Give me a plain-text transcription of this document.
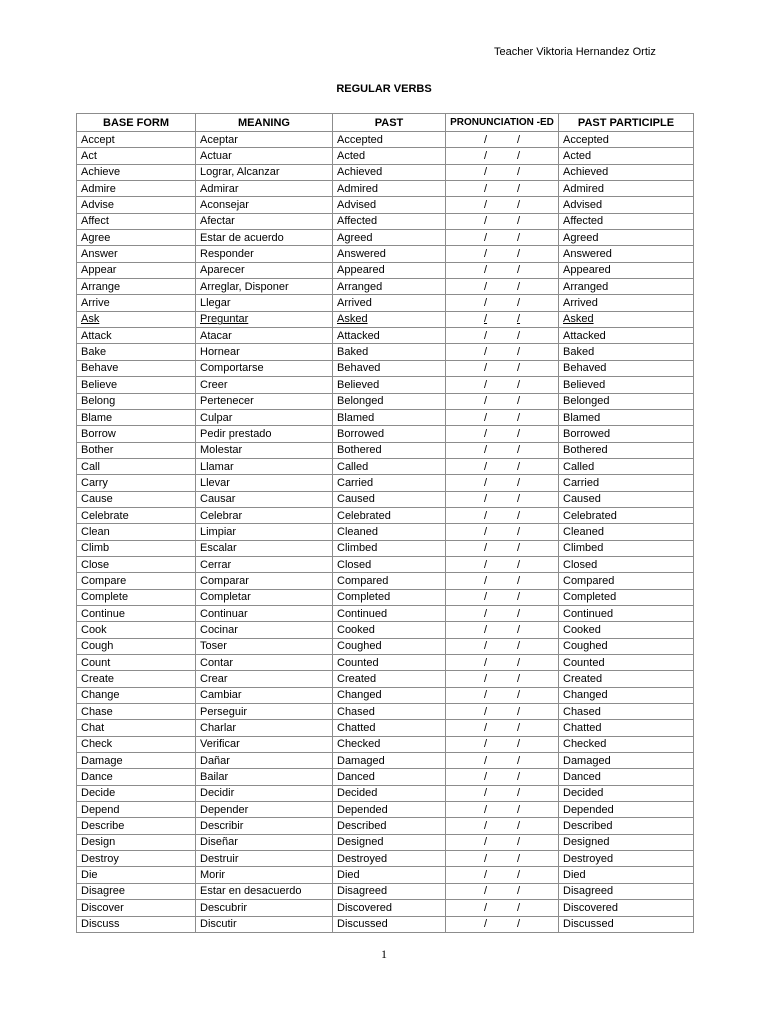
Teacher Viktoria Hernandez Ortiz
REGULAR VERBS
BASE FORM	MEANING	PAST	PRONUNCIATION -ED	PAST PARTICIPLE
Accept	Aceptar	Accepted	/ /	Accepted
Act	Actuar	Acted	/ /	Acted
Achieve	Lograr, Alcanzar	Achieved	/ /	Achieved
Admire	Admirar	Admired	/ /	Admired
Advise	Aconsejar	Advised	/ /	Advised
Affect	Afectar	Affected	/ /	Affected
Agree	Estar de acuerdo	Agreed	/ /	Agreed
Answer	Responder	Answered	/ /	Answered
Appear	Aparecer	Appeared	/ /	Appeared
Arrange	Arreglar, Disponer	Arranged	/ /	Arranged
Arrive	Llegar	Arrived	/ /	Arrived
Ask	Preguntar	Asked	/ /	Asked
Attack	Atacar	Attacked	/ /	Attacked
Bake	Hornear	Baked	/ /	Baked
Behave	Comportarse	Behaved	/ /	Behaved
Believe	Creer	Believed	/ /	Believed
Belong	Pertenecer	Belonged	/ /	Belonged
Blame	Culpar	Blamed	/ /	Blamed
Borrow	Pedir prestado	Borrowed	/ /	Borrowed
Bother	Molestar	Bothered	/ /	Bothered
Call	Llamar	Called	/ /	Called
Carry	Llevar	Carried	/ /	Carried
Cause	Causar	Caused	/ /	Caused
Celebrate	Celebrar	Celebrated	/ /	Celebrated
Clean	Limpiar	Cleaned	/ /	Cleaned
Climb	Escalar	Climbed	/ /	Climbed
Close	Cerrar	Closed	/ /	Closed
Compare	Comparar	Compared	/ /	Compared
Complete	Completar	Completed	/ /	Completed
Continue	Continuar	Continued	/ /	Continued
Cook	Cocinar	Cooked	/ /	Cooked
Cough	Toser	Coughed	/ /	Coughed
Count	Contar	Counted	/ /	Counted
Create	Crear	Created	/ /	Created
Change	Cambiar	Changed	/ /	Changed
Chase	Perseguir	Chased	/ /	Chased
Chat	Charlar	Chatted	/ /	Chatted
Check	Verificar	Checked	/ /	Checked
Damage	Dañar	Damaged	/ /	Damaged
Dance	Bailar	Danced	/ /	Danced
Decide	Decidir	Decided	/ /	Decided
Depend	Depender	Depended	/ /	Depended
Describe	Describir	Described	/ /	Described
Design	Diseñar	Designed	/ /	Designed
Destroy	Destruir	Destroyed	/ /	Destroyed
Die	Morir	Died	/ /	Died
Disagree	Estar en desacuerdo	Disagreed	/ /	Disagreed
Discover	Descubrir	Discovered	/ /	Discovered
Discuss	Discutir	Discussed	/ /	Discussed
1
